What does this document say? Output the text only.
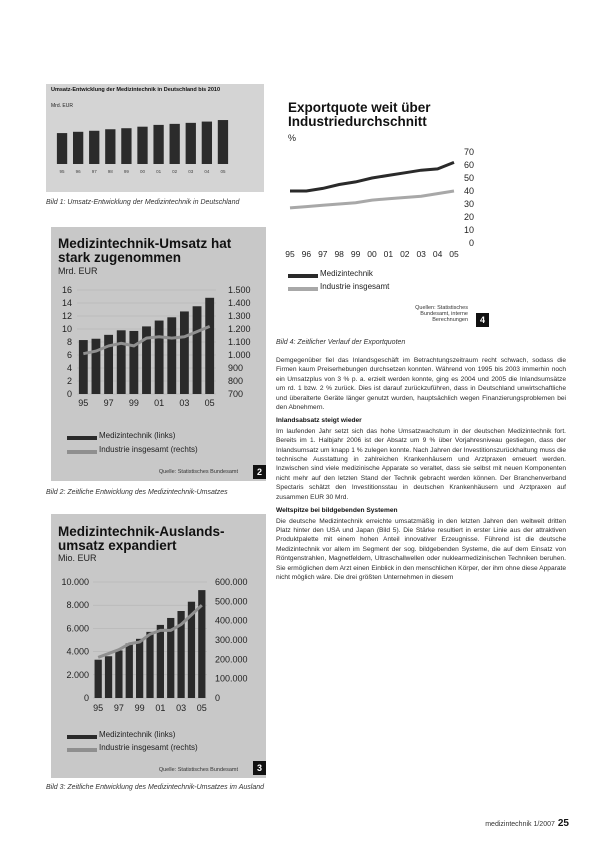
Umsatz-Entwicklung der Medizintechnik in Deutschland bis 2010
Mrd. EUR
95 96 97 98 99 00 01 02 03 04 05
Bild 1: Umsatz-Entwicklung der Medizintechnik in Deutschland
Medizintechnik-Umsatz hat stark zugenommen
Mrd. EUR
16
14
12
10
8
6
4
2
0
1.500
1.400
1.300
1.200
1.100
1.000
900
800
700
95 97 99 01 03 05
Medizintechnik (links)
Industrie insgesamt (rechts)
Quelle: Statistisches Bundesamt	2
Bild 2: Zeitliche Entwicklung des Medizintechnik-Umsatzes
Medizintechnik-Auslands-umsatz expandiert
Mio. EUR
10.000
8.000
6.000
4.000
2.000
0
600.000
500.000
400.000
300.000
200.000
100.000
0
95 97 99 01 03 05
Medizintechnik (links)
Industrie insgesamt (rechts)
Quelle: Statistisches Bundesamt	3
Bild 3: Zeitliche Entwicklung des Medizintechnik-Umsatzes im Ausland
Exportquote weit über Industriedurchschnitt
%
70
60
50
40
30
20
10
0
95 96 97 98 99 00 01 02 03 04 05
Medizintechnik
Industrie insgesamt
Quellen: Statistisches Bundesamt, interne Berechnungen	4
Bild 4: Zeitlicher Verlauf der Exportquoten

Demgegenüber fiel das Inlandsgeschäft im Betrachtungszeitraum recht schwach, sodass die Firmen kaum Preiserhebungen durchsetzen konnten. Während von 1995 bis 2003 immerhin noch ein Umsatzplus von 3 % p. a. erzielt werden konnte, ging es 2004 und 2005 die Inlandsumsätze um rd. 1 bzw. 2 % zurück. Dies ist darauf zurückzuführen, dass in Deutschland unwirtschaftliche und überalterte Geräte länger genutzt wurden, hauptsächlich wegen Finanzierungsproblemen bei den Abnehmern.

Inlandsabsatz steigt wieder

Im laufenden Jahr setzt sich das hohe Umsatzwachstum in der deutschen Medizintechnik fort. Bereits im 1. Halbjahr 2006 ist der Absatz um 9 % über Vorjahresniveau gestiegen, dass der Inlandsumsatz um knapp 1 % zulegen konnte. Nach Jahren der Investitionszurückhaltung muss die technische Ausstattung in zahlreichen Krankenhäusern und Arztpraxen erneuert werden. Inzwischen sind viele medizinische Apparate so veraltet, dass sie selbst mit neuen Komponenten nicht mehr auf den letzten Stand der Technik gebracht werden können. Der Branchenverband Spectaris schätzt den Investitionsstau in deutschen Krankenhäusern und Arztpraxen auf zusammen EUR 30 Mrd.

Weltspitze bei bildgebenden Systemen

Die deutsche Medizintechnik erreichte umsatzmäßig in den letzten Jahren den weltweit dritten Platz hinter den USA und Japan (Bild 5). Die Stärke resultiert in erster Linie aus der attraktiven Produktpalette mit einem hohen Anteil innovativer Erzeugnisse. Führend ist die deutsche Medizintechnik vor allem im Segment der sog. bildgebenden Systeme, die auf dem Einsatz von Röntgenstrahlen, Magnetfeldern, Ultraschallwellen oder nuklearmedizinischen Techniken beruhen. Sie ermöglichen dem Arzt einen Einblick in den menschlichen Körper, der ihm ohne diese Apparate nicht möglich wäre. Die drei größten Unternehmen in diesem

medizintechnik 1/2007 25
